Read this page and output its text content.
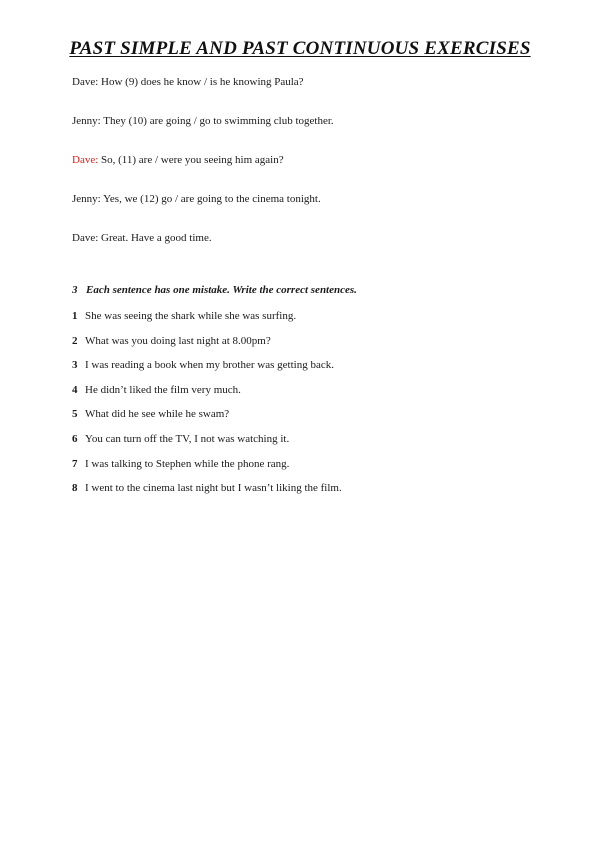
PAST SIMPLE AND PAST CONTINUOUS EXERCISES
Dave: How (9) does he know / is he knowing Paula?
Jenny: They (10) are going / go to swimming club together.
Dave: So, (11) are / were you seeing him again?
Jenny: Yes, we (12) go / are going to the cinema tonight.
Dave: Great. Have a good time.
3 Each sentence has one mistake. Write the correct sentences.
1 She was seeing the shark while she was surfing.
2 What was you doing last night at 8.00pm?
3 I was reading a book when my brother was getting back.
4 He didn’t liked the film very much.
5 What did he see while he swam?
6 You can turn off the TV, I not was watching it.
7 I was talking to Stephen while the phone rang.
8 I went to the cinema last night but I wasn’t liking the film.
